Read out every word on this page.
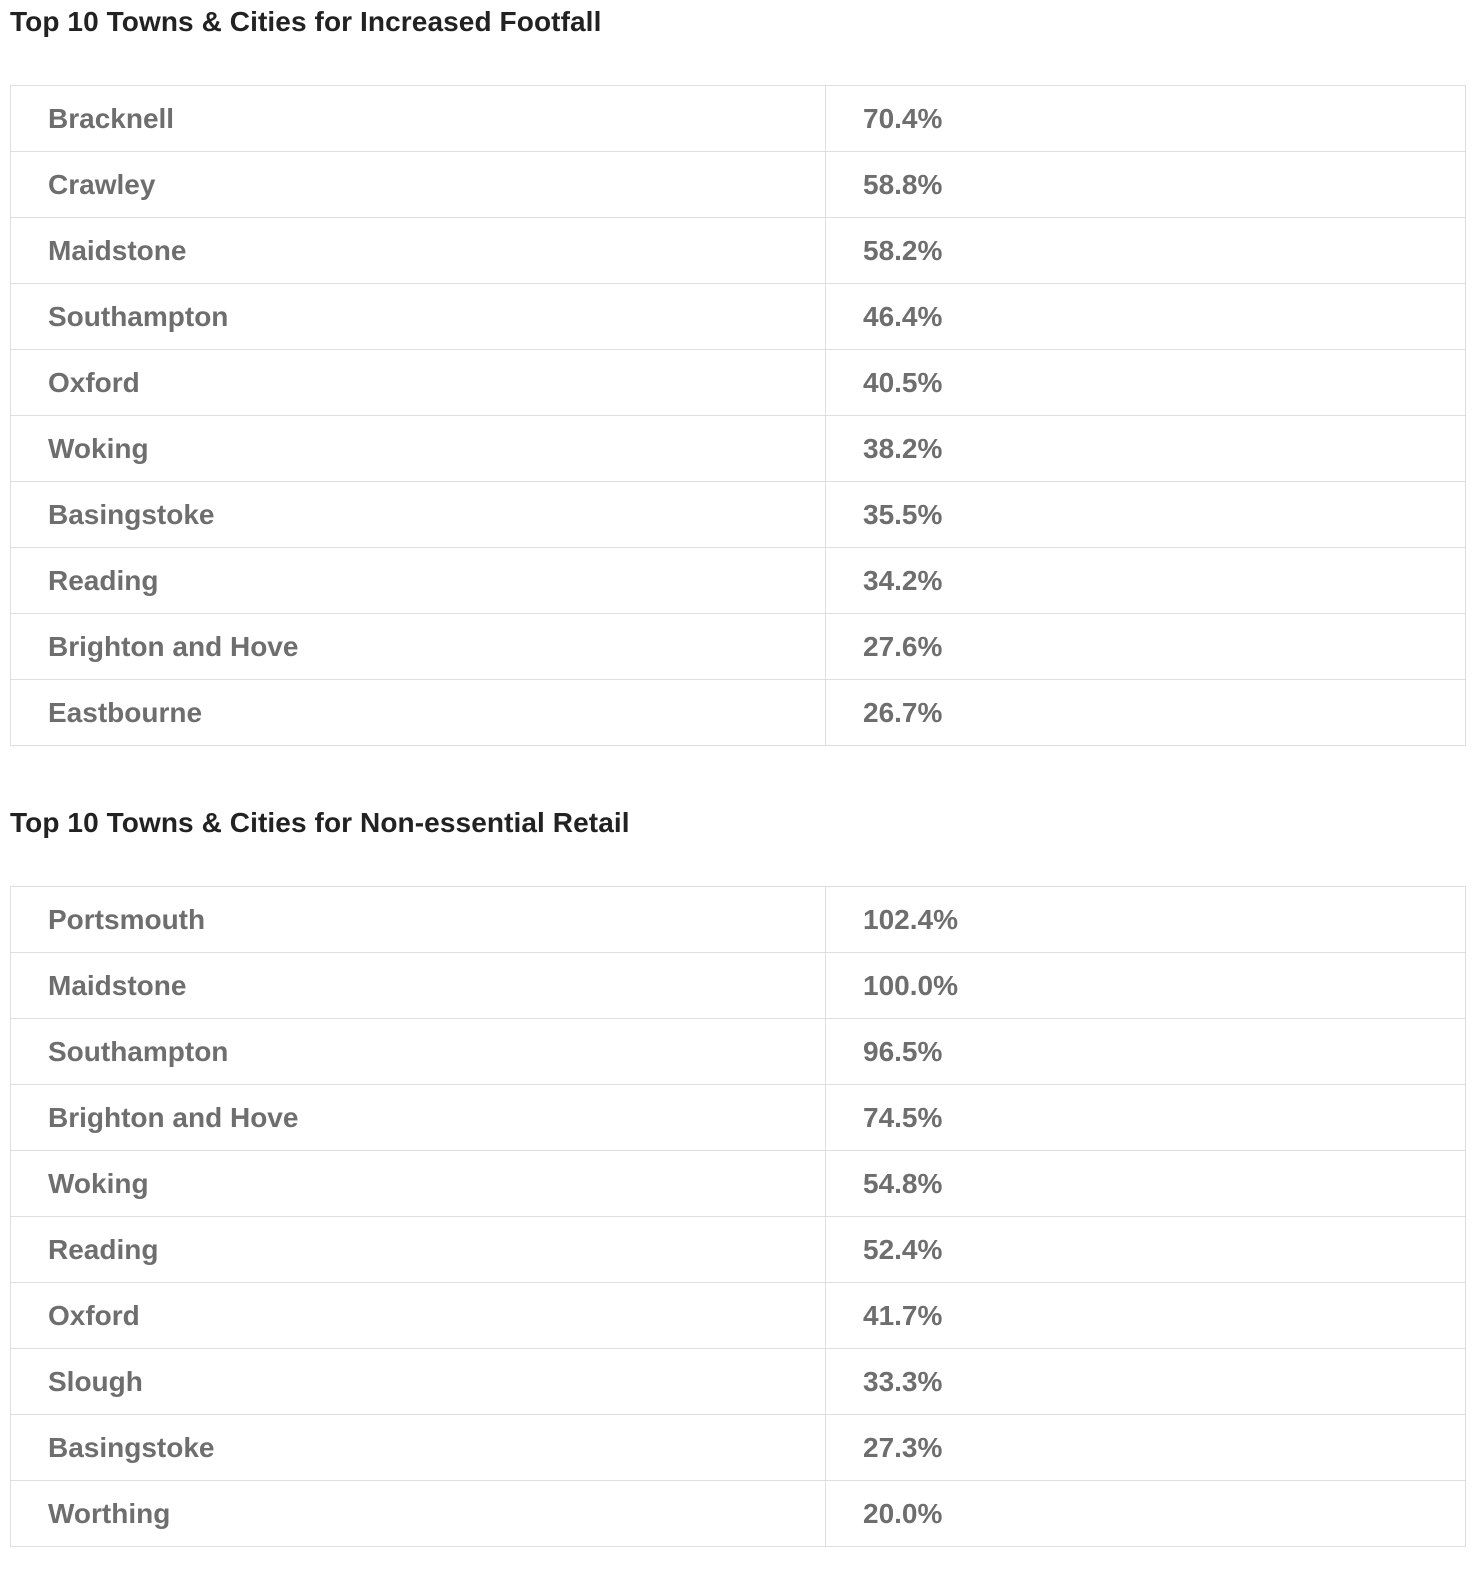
Top 10 Towns & Cities for Increased Footfall
Bracknell	70.4%
Crawley	58.8%
Maidstone	58.2%
Southampton	46.4%
Oxford	40.5%
Woking	38.2%
Basingstoke	35.5%
Reading	34.2%
Brighton and Hove	27.6%
Eastbourne	26.7%
Top 10 Towns & Cities for Non-essential Retail
Portsmouth	102.4%
Maidstone	100.0%
Southampton	96.5%
Brighton and Hove	74.5%
Woking	54.8%
Reading	52.4%
Oxford	41.7%
Slough	33.3%
Basingstoke	27.3%
Worthing	20.0%
